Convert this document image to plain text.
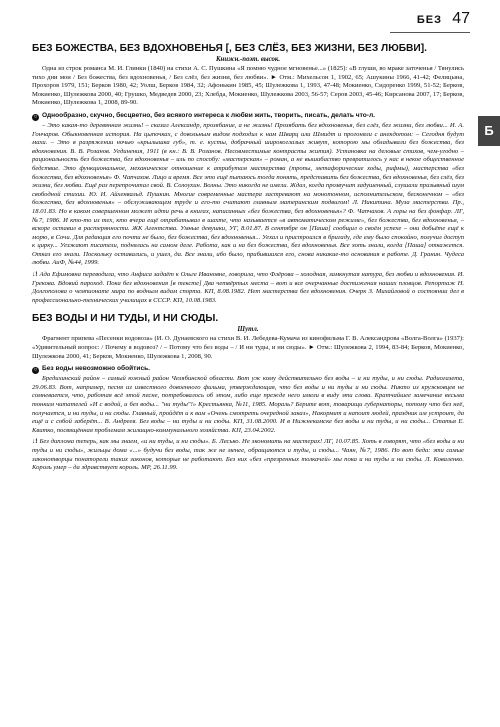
БЕЗ 47
Б

БЕЗ БОЖЕСТВА, БЕЗ ВДОХНОВЕНЬЯ [, БЕЗ СЛЁЗ, БЕЗ ЖИЗНИ, БЕЗ ЛЮБВИ].

Книжн.-поэт. высок.

Одна из строк романса М. И. Глинки (1840) на стихи А. С. Пушкина «Я помню чудное мгновенье...» (1825): «В глуши, во мраке заточенья / Тянулись тихо дни мои / Без божества, без вдохновенья, / Без слёз, без жизни, без любви». ► Отм.: Михельсон 1, 1902, 65; Ашукины 1966, 41-42; Фелицына, Прохоров 1979, 151; Берков 1980, 42; Уолш, Берков 1984, 32; Афонькин 1985, 45; Шулежкова 1, 1993, 47-48; Мокиенко, Сидоренко 1999, 51-52; Берков, Мокиенко, Шулежкова 2000, 40; Грушко, Медведев 2000, 23; Хлебда, Мокиенко, Шулежкова 2003, 56-57; Серов 2003, 45-46; Кирсанова 2007, 17; Берков, Мокиенко, Шулежкова 1, 2008, 89-90.

○ Однообразно, скучно, бесцветно, без всякого интереса к любви жить, творить, писать, делать что-л.

– Это какая-то деревянная жизнь! – сказал Александр, прозябание, а не жизнь! Прозябать без вдохновенья, без слёз, без жизни, без любви... И. А. Гончаров. Обыкновенная история. На цыпочках, с довольным видом подходил к нам Шварц или Шмидт и прогоняли с анекдотом: – Сегодня будут махи. – Это в разряжении ночью «крылышка губ», т. е. кусты, добрачный широкоглазых живут, которою мы обладывали без божества, без вдохновения. В. В. Розанов. Уединения, 1911 (в кн.: В. В. Розанов. Несовместимые контрасты жития). Установка на деловые стихов, чем-угодно – рациональность без божества, без вдохновенья – иль по способу: «мастерская» – роман, а не вышибаство превратилось у нас в некое общественное бедствие. Это функциональное, механическое отношение к атрибутам мастерства (тропы, метафорические ходы, рифмы), мастерства «без божества, без вдохновенья» Ф. Чапчахов. Лицо и время. Все это ещё пытаюсь тогда понять, представить без божества, без вдохновенья, без слёз, без жизни, без любви. Ещё раз перепрочитал свой. В. Солоухин. Волны. Это никогда не имели. Ждал, когда прозвучит задушенный, слушали призывный шум свободной стихии. Ю. И. Айхенвальд. Пушкин. Многие современные мастера застревают на монотонном, исполнительском, бесконечном – «без божества, без вдохновенья» – обслуживающем труде и его-то считают главным материнским подвигом! Л. Никитина. Муза мастерства. Пр., 18.01.83. Но в каком совершенном может идти речь в книгах, написанных «без божества, без вдохновенья»? Ф. Чапчахов. А горы на без фонфар. ЛГ, №7, 1986. И кто-то из тех, кто вчера ещё отрабатывал в шахте, что называется «в автоматическом режиме», без божества, без вдохновенья, – вскоре оставил в растерянности. ЖК Агентства. Умные девушки, УГ, 8.01.87. В сентябре он [Паша] сообщил о своём успехе – они добьёте ещё к морю, в Сочи. Для редакция его почти не было, без божества, без вдохновенья... Уехал и пристроился в бригаду, где ему было спокойно, получил доступ к цирку... Уезжают писатели, поднялась на самом деле. Работа, как и на без божества, без вдохновенья. Все хоть знали, когда [Паша] откажется. Отказ его знали. Поскольку оставались, и ушел, да. Все знали, ибо было, прибившихся его, снова никакие-то основания в работе. Д. Гранин. Чудеса любви. АиФ, №44, 1999.

↓! Ада Ефимовна переводила, что Анфиса задаёт к Ольге Ивановне, говорила, что Флёрова – холодная, замкнутая натура, без любви и вдохновения. И. Грекова. Вдовий пароход. Пока без вдохновения [в тексте] Два четвёртых места – вот и все очерчанные достижения наших пловцов. Репортаж Н. Долгополова о чемпионате мира по водным видам спорта. КП, 8.08.1982. Нет мастерства без вдохновения. Очерк З. Михайловой о состоянии дел в профессионально-технических училищах в СССР. КП, 10.08.1983.

БЕЗ ВОДЫ И НИ ТУДЫ, И НИ СЮДЫ.

Шутл.

Фрагмент припева «Песенки водовоза» (И. О. Дунаевского на стихи В. И. Лебедева-Кумача из кинофильма Г. В. Александрова «Волга-Волга» (1937): «Удивительный вопрос: / Почему я водовоз? / – Потому что без воды – / И ни туды, и ни сюды». ► Отм.: Шулежкова 2, 1994, 83-84; Берков, Мокиенко, Шулежкова 2000, 41; Берков, Мокиенко, Шулежкова 1, 2008, 90.

○ Без воды невозможно обойтись.

Бредихинский район – самый южный район Челябинской области. Вот уж кому действительно без воды – и ни туды, и ни сюды. Радиогазета, 29.06.83. Вот, например, песня из известного довоенного фильма, утверждающая, что без воды и ни туды и ни сюды. Никто из кружковцев не сомневается, что, работая всё этой песне, потребовалось об этом, либо еще прежде него имели в виду эти слова. Кратчайшее замечание весьма тонким читателей «И с водой, и без воды... "ни туды"!» Крестьянка, №11, 1985. Мораль? Берите вот, товарищи губернаторы, потому что без неё, получается, и ни туды, и ни сюды. Главный, пройдёт и к вам «Очень смотреть очередной заказ», Накормит и напоит людей, праздник им устроит, да ещё и с собой заберёт... В. Андреев. Без воды – ни туды и ни сюды. КП, 31.08.2000. И в Нижнекамске без воды и ни туды, и ни сюды... Статья Е. Квитко, посвящённая проблемам жилищно-коммунального хозяйства. КП, 23.04.2002.

↓! Без диплома теперь, как мы знаем, «и ни туды, и ни сюды». Б. Лесько. Не экономить на мастерах! ЛГ, 10.07.85. Хоть в говорят, что «без воды и ни туды и ни сюды», жильцы дома «...» будучи без воды, так же не менее, обращаются и туды, и сюды... Чаян, №7, 1986. Но вот беда: эти самые законотворцы понаторели таких законов, которые не работают. Без них «без «презренных толкачей» мы пока и ни туды и ни сюды. Л. Коваленко. Король умер – да здравствует король. МР, 26.11.99.
